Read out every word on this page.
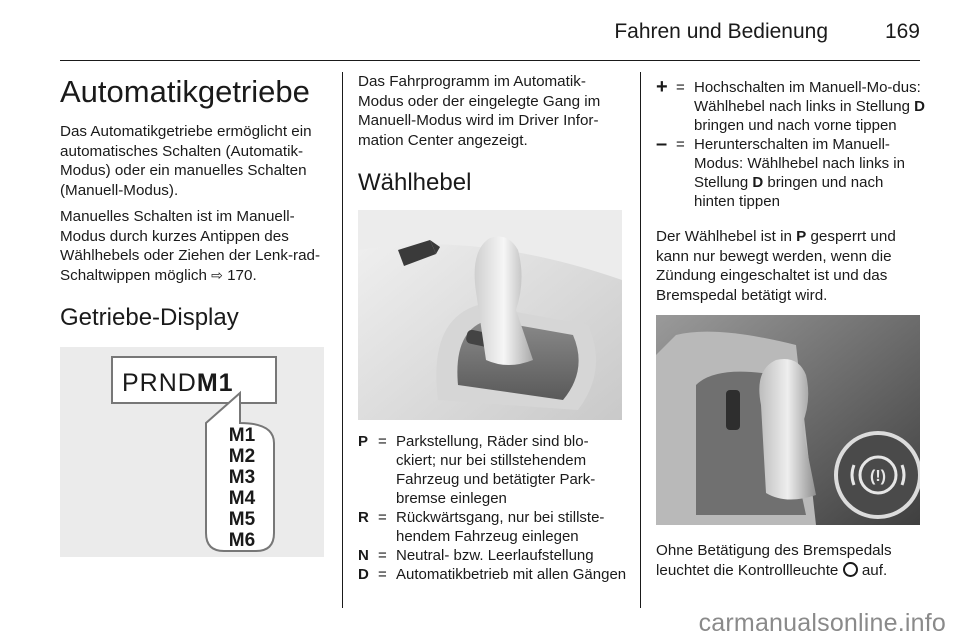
Fahren und Bedienung	169
Automatikgetriebe
Das Automatikgetriebe ermöglicht ein automatisches Schalten (Automatik-Modus) oder ein manuelles Schalten (Manuell-Modus).
Manuelles Schalten ist im Manuell-Modus durch kurzes Antippen des Wählhebels oder Ziehen der Lenk-rad-Schaltwippen möglich ⇨ 170.
Getriebe-Display
PRNDM1
M1
M2
M3
M4
M5
M6
Das Fahrprogramm im Automatik-Modus oder der eingelegte Gang im Manuell-Modus wird im Driver Infor-mation Center angezeigt.
Wählhebel
P = Parkstellung, Räder sind blo-ckiert; nur bei stillstehendem Fahrzeug und betätigter Park-bremse einlegen
R = Rückwärtsgang, nur bei stillste-hendem Fahrzeug einlegen
N = Neutral- bzw. Leerlaufstellung
D = Automatikbetrieb mit allen Gängen
+ = Hochschalten im Manuell-Mo-dus: Wählhebel nach links in Stellung D bringen und nach vorne tippen
– = Herunterschalten im Manuell-Modus: Wählhebel nach links in Stellung D bringen und nach hinten tippen
Der Wählhebel ist in P gesperrt und kann nur bewegt werden, wenn die Zündung eingeschaltet ist und das Bremspedal betätigt wird.
(!)
Ohne Betätigung des Bremspedals leuchtet die Kontrollleuchte  auf.
carmanualsonline.info
